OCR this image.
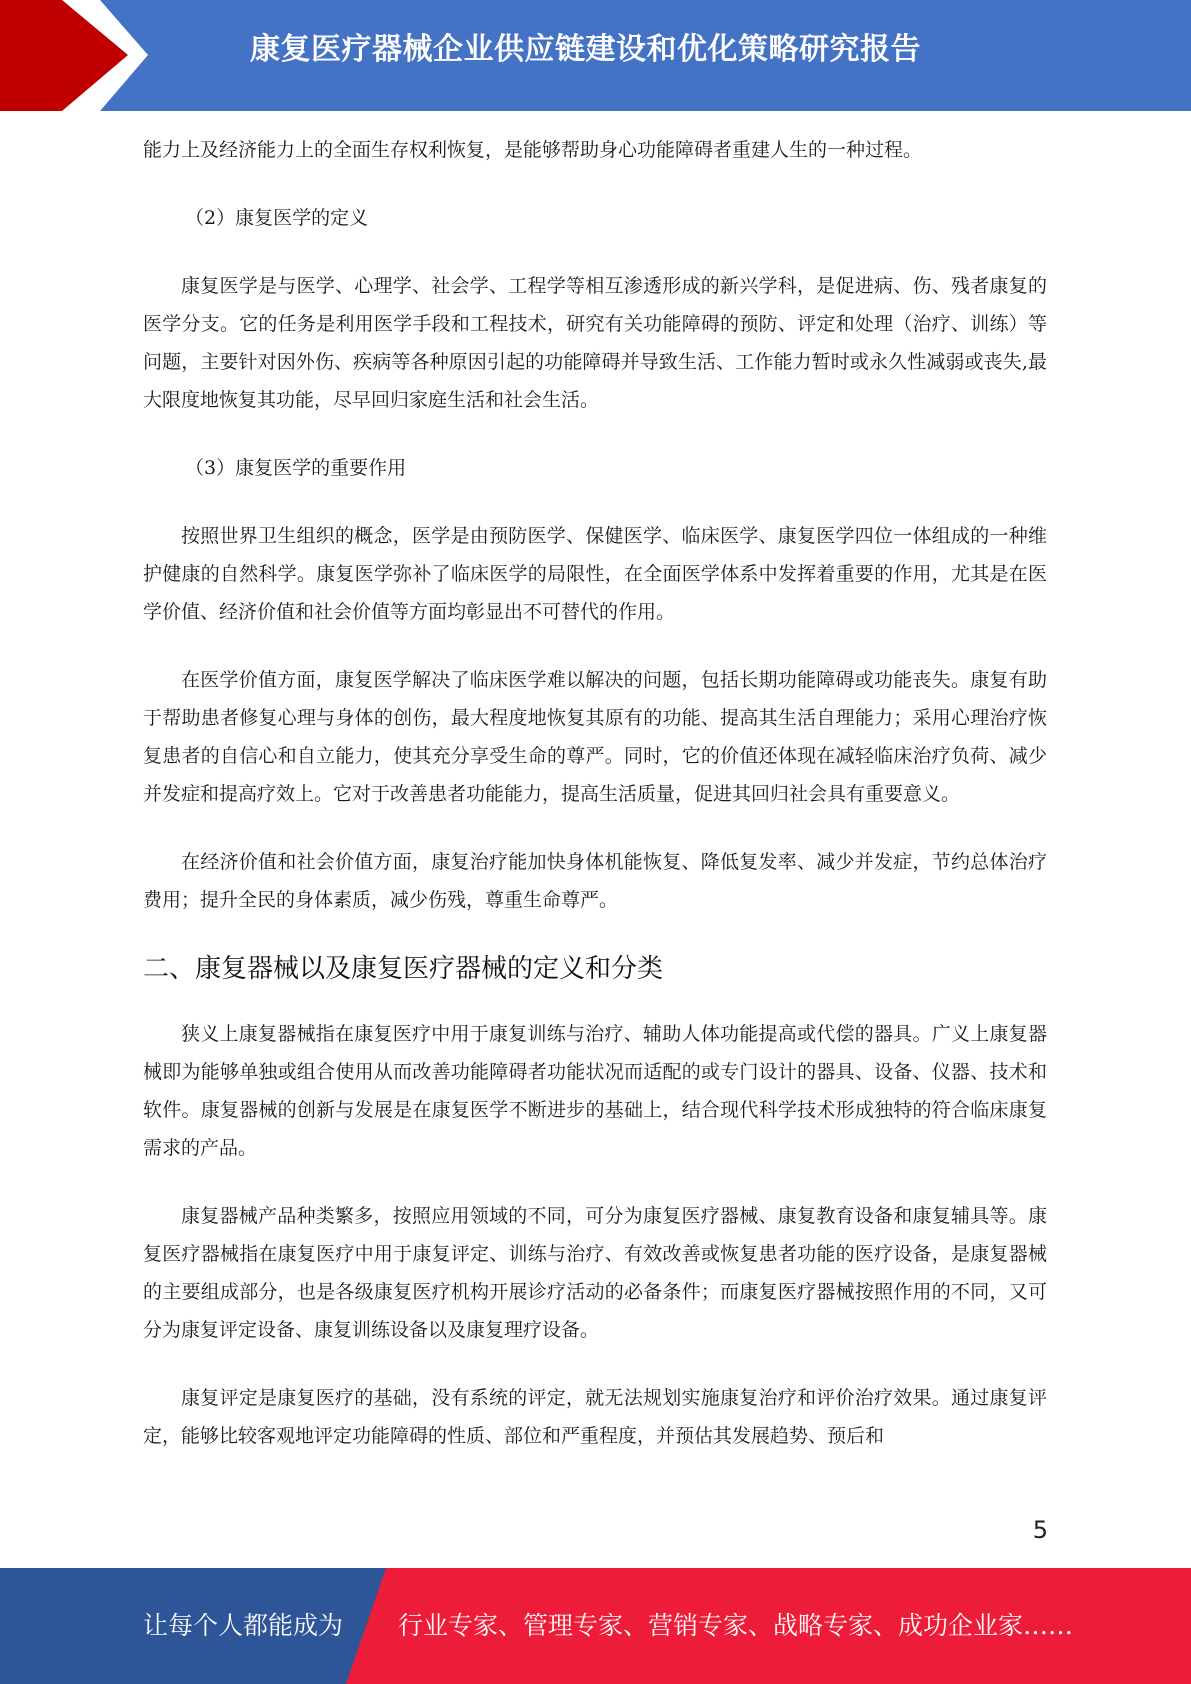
康复医疗器械企业供应链建设和优化策略研究报告

能力上及经济能力上的全面生存权利恢复，是能够帮助身心功能障碍者重建人生的一种过程。

（2）康复医学的定义

康复医学是与医学、心理学、社会学、工程学等相互渗透形成的新兴学科，是促进病、伤、残者康复的医学分支。它的任务是利用医学手段和工程技术，研究有关功能障碍的预防、评定和处理（治疗、训练）等问题，主要针对因外伤、疾病等各种原因引起的功能障碍并导致生活、工作能力暂时或永久性减弱或丧失,最大限度地恢复其功能，尽早回归家庭生活和社会生活。

（3）康复医学的重要作用

按照世界卫生组织的概念，医学是由预防医学、保健医学、临床医学、康复医学四位一体组成的一种维护健康的自然科学。康复医学弥补了临床医学的局限性，在全面医学体系中发挥着重要的作用，尤其是在医学价值、经济价值和社会价值等方面均彰显出不可替代的作用。

在医学价值方面，康复医学解决了临床医学难以解决的问题，包括长期功能障碍或功能丧失。康复有助于帮助患者修复心理与身体的创伤，最大程度地恢复其原有的功能、提高其生活自理能力；采用心理治疗恢复患者的自信心和自立能力，使其充分享受生命的尊严。同时，它的价值还体现在减轻临床治疗负荷、减少并发症和提高疗效上。它对于改善患者功能能力，提高生活质量，促进其回归社会具有重要意义。

在经济价值和社会价值方面，康复治疗能加快身体机能恢复、降低复发率、减少并发症，节约总体治疗费用；提升全民的身体素质，减少伤残，尊重生命尊严。

二、康复器械以及康复医疗器械的定义和分类

狭义上康复器械指在康复医疗中用于康复训练与治疗、辅助人体功能提高或代偿的器具。广义上康复器械即为能够单独或组合使用从而改善功能障碍者功能状况而适配的或专门设计的器具、设备、仪器、技术和软件。康复器械的创新与发展是在康复医学不断进步的基础上，结合现代科学技术形成独特的符合临床康复需求的产品。

康复器械产品种类繁多，按照应用领域的不同，可分为康复医疗器械、康复教育设备和康复辅具等。康复医疗器械指在康复医疗中用于康复评定、训练与治疗、有效改善或恢复患者功能的医疗设备，是康复器械的主要组成部分，也是各级康复医疗机构开展诊疗活动的必备条件；而康复医疗器械按照作用的不同，又可分为康复评定设备、康复训练设备以及康复理疗设备。

康复评定是康复医疗的基础，没有系统的评定，就无法规划实施康复治疗和评价治疗效果。通过康复评定，能够比较客观地评定功能障碍的性质、部位和严重程度，并预估其发展趋势、预后和

5
让每个人都能成为 行业专家、管理专家、营销专家、战略专家、成功企业家……
